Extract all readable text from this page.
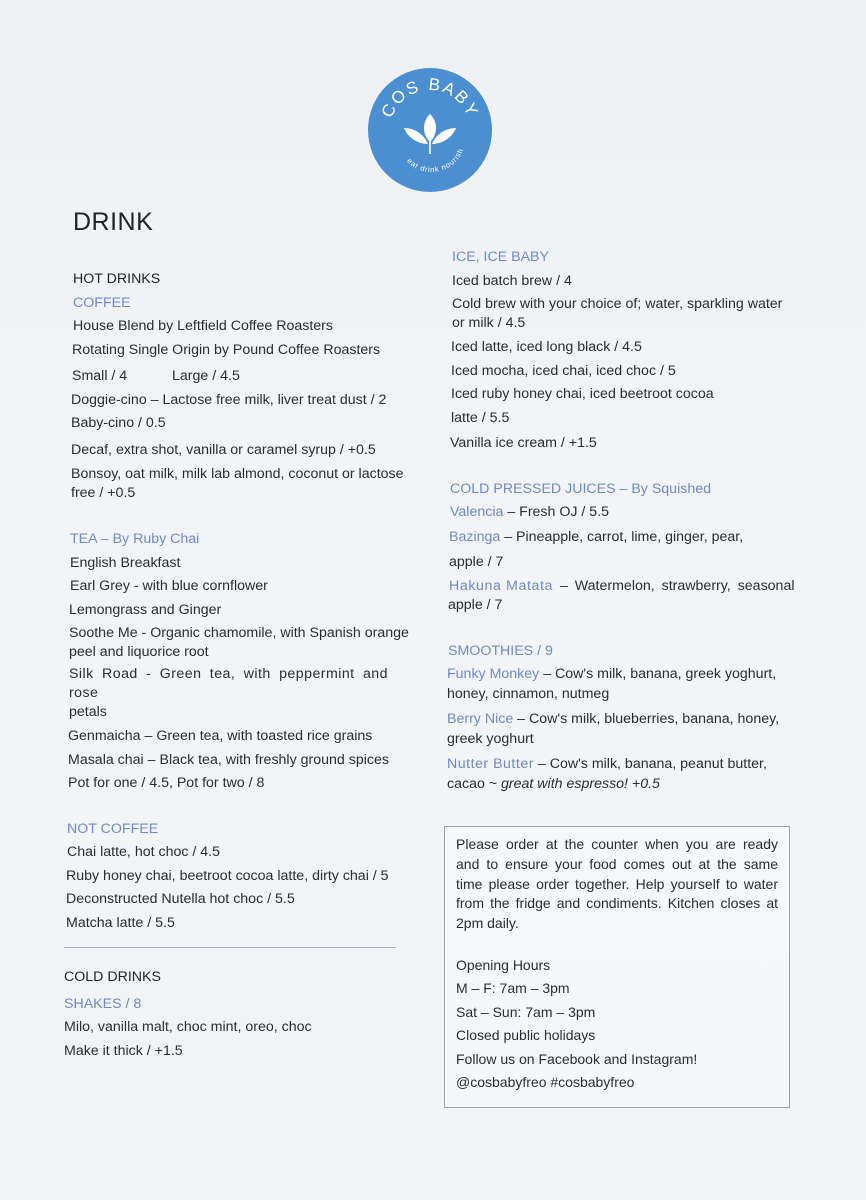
COS BABY
eat drink nourish
DRINK
HOT DRINKS
COFFEE
House Blend by Leftfield Coffee Roasters
Rotating Single Origin by Pound Coffee Roasters
Small / 4	Large / 4.5
Doggie-cino – Lactose free milk, liver treat dust / 2
Baby-cino / 0.5
Decaf, extra shot, vanilla or caramel syrup / +0.5
Bonsoy, oat milk, milk lab almond, coconut or lactose
free / +0.5
TEA – By Ruby Chai
English Breakfast
Earl Grey - with blue cornflower
Lemongrass and Ginger
Soothe Me - Organic chamomile, with Spanish orange
peel and liquorice root
Silk Road - Green tea, with peppermint and rose
petals
Genmaicha – Green tea, with toasted rice grains
Masala chai – Black tea, with freshly ground spices
Pot for one / 4.5, Pot for two / 8
NOT COFFEE
Chai latte, hot choc / 4.5
Ruby honey chai, beetroot cocoa latte, dirty chai / 5
Deconstructed Nutella hot choc / 5.5
Matcha latte / 5.5
COLD DRINKS
SHAKES / 8
Milo, vanilla malt, choc mint, oreo, choc
Make it thick / +1.5
ICE, ICE BABY
Iced batch brew / 4
Cold brew with your choice of; water, sparkling water
or milk / 4.5
Iced latte, iced long black / 4.5
Iced mocha, iced chai, iced choc / 5
Iced ruby honey chai, iced beetroot cocoa
latte / 5.5
Vanilla ice cream / +1.5
COLD PRESSED JUICES – By Squished
Valencia – Fresh OJ / 5.5
Bazinga – Pineapple, carrot, lime, ginger, pear,
apple / 7
Hakuna Matata – Watermelon, strawberry, seasonal
apple / 7
SMOOTHIES / 9
Funky Monkey – Cow's milk, banana, greek yoghurt,
honey, cinnamon, nutmeg
Berry Nice – Cow's milk, blueberries, banana, honey,
greek yoghurt
Nutter Butter – Cow's milk, banana, peanut butter,
cacao ~ great with espresso! +0.5
Please order at the counter when you are ready and to ensure your food comes out at the same time please order together. Help yourself to water from the fridge and condiments. Kitchen closes at 2pm daily.
Opening Hours
M – F: 7am – 3pm
Sat – Sun: 7am – 3pm
Closed public holidays
Follow us on Facebook and Instagram!
@cosbabyfreo #cosbabyfreo
